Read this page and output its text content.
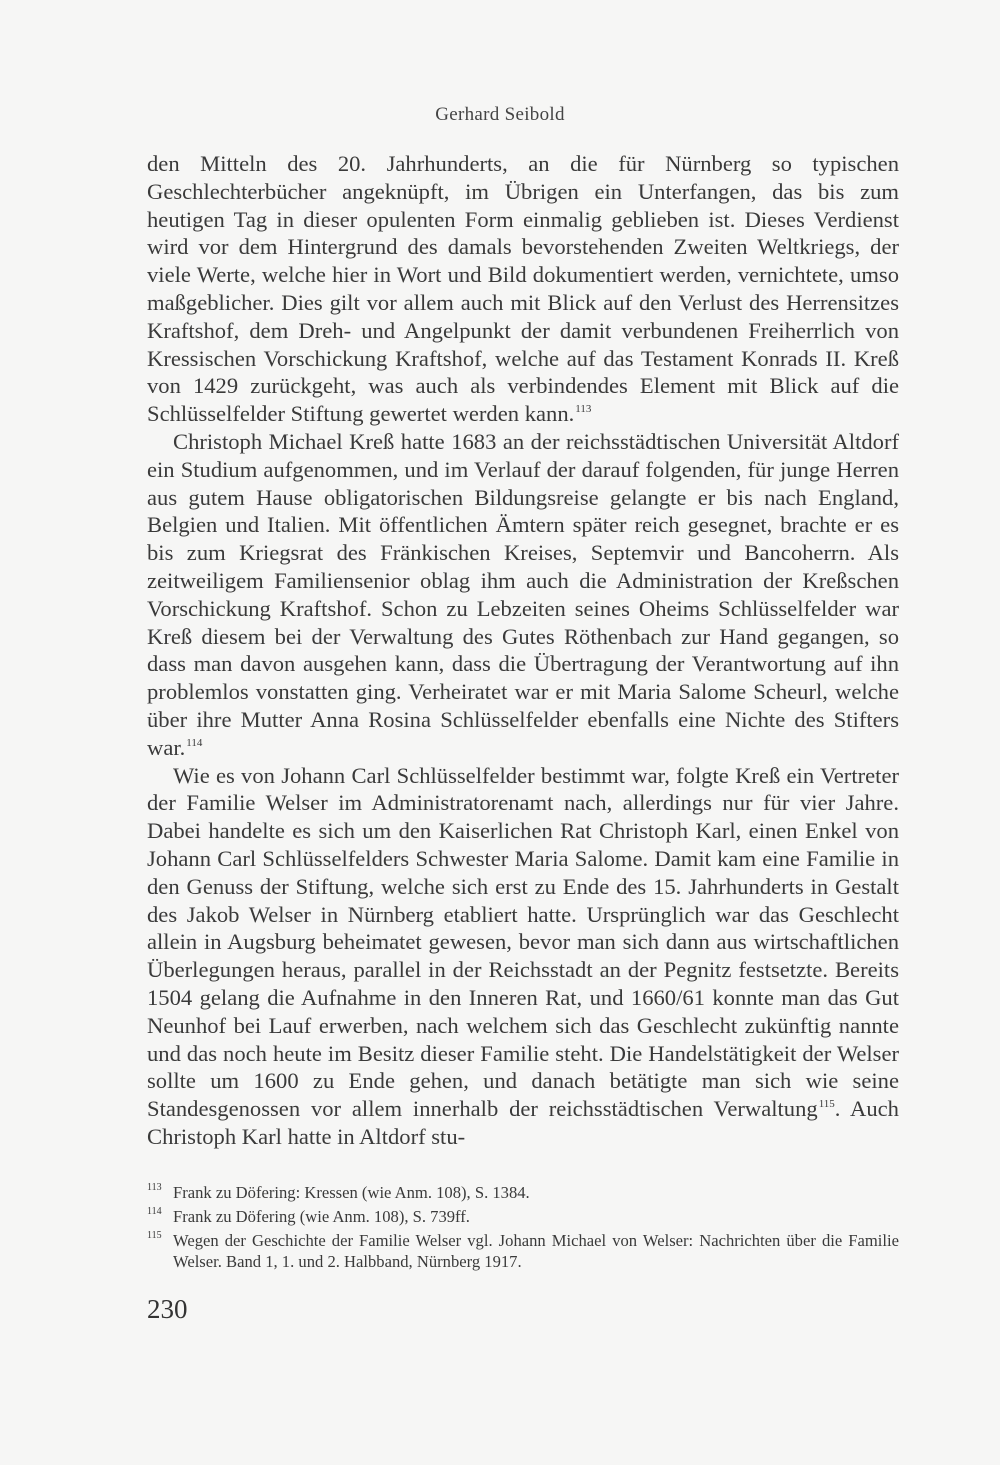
Gerhard Seibold

den Mitteln des 20. Jahrhunderts, an die für Nürnberg so typischen Geschlechterbücher angeknüpft, im Übrigen ein Unterfangen, das bis zum heutigen Tag in dieser opulenten Form einmalig geblieben ist. Dieses Verdienst wird vor dem Hintergrund des damals bevorstehenden Zweiten Weltkriegs, der viele Werte, welche hier in Wort und Bild dokumentiert werden, vernichtete, umso maßgeblicher. Dies gilt vor allem auch mit Blick auf den Verlust des Herrensitzes Kraftshof, dem Dreh- und Angelpunkt der damit verbundenen Freiherrlich von Kressischen Vorschickung Kraftshof, welche auf das Testament Konrads II. Kreß von 1429 zurückgeht, was auch als verbindendes Element mit Blick auf die Schlüsselfelder Stiftung gewertet werden kann.$^{113}$

Christoph Michael Kreß hatte 1683 an der reichsstädtischen Universität Altdorf ein Studium aufgenommen, und im Verlauf der darauf folgenden, für junge Herren aus gutem Hause obligatorischen Bildungsreise gelangte er bis nach England, Belgien und Italien. Mit öffentlichen Ämtern später reich gesegnet, brachte er es bis zum Kriegsrat des Fränkischen Kreises, Septemvir und Bancoherrn. Als zeitweiligem Familiensenior oblag ihm auch die Administration der Kreßschen Vorschickung Kraftshof. Schon zu Lebzeiten seines Oheims Schlüsselfelder war Kreß diesem bei der Verwaltung des Gutes Röthenbach zur Hand gegangen, so dass man davon ausgehen kann, dass die Übertragung der Verantwortung auf ihn problemlos vonstatten ging. Verheiratet war er mit Maria Salome Scheurl, welche über ihre Mutter Anna Rosina Schlüsselfelder ebenfalls eine Nichte des Stifters war.$^{114}$

Wie es von Johann Carl Schlüsselfelder bestimmt war, folgte Kreß ein Vertreter der Familie Welser im Administratorenamt nach, allerdings nur für vier Jahre. Dabei handelte es sich um den Kaiserlichen Rat Christoph Karl, einen Enkel von Johann Carl Schlüsselfelders Schwester Maria Salome. Damit kam eine Familie in den Genuss der Stiftung, welche sich erst zu Ende des 15. Jahrhunderts in Gestalt des Jakob Welser in Nürnberg etabliert hatte. Ursprünglich war das Geschlecht allein in Augsburg beheimatet gewesen, bevor man sich dann aus wirtschaftlichen Überlegungen heraus, parallel in der Reichsstadt an der Pegnitz festsetzte. Bereits 1504 gelang die Aufnahme in den Inneren Rat, und 1660/61 konnte man das Gut Neunhof bei Lauf erwerben, nach welchem sich das Geschlecht zukünftig nannte und das noch heute im Besitz dieser Familie steht. Die Handelstätigkeit der Welser sollte um 1600 zu Ende gehen, und danach betätigte man sich wie seine Standesgenossen vor allem innerhalb der reichsstädtischen Verwaltung$^{115}$. Auch Christoph Karl hatte in Altdorf stu-

113 Frank zu Döfering: Kressen (wie Anm. 108), S. 1384.
114 Frank zu Döfering (wie Anm. 108), S. 739ff.
115 Wegen der Geschichte der Familie Welser vgl. Johann Michael von Welser: Nachrichten über die Familie Welser. Band 1, 1. und 2. Halbband, Nürnberg 1917.
230
